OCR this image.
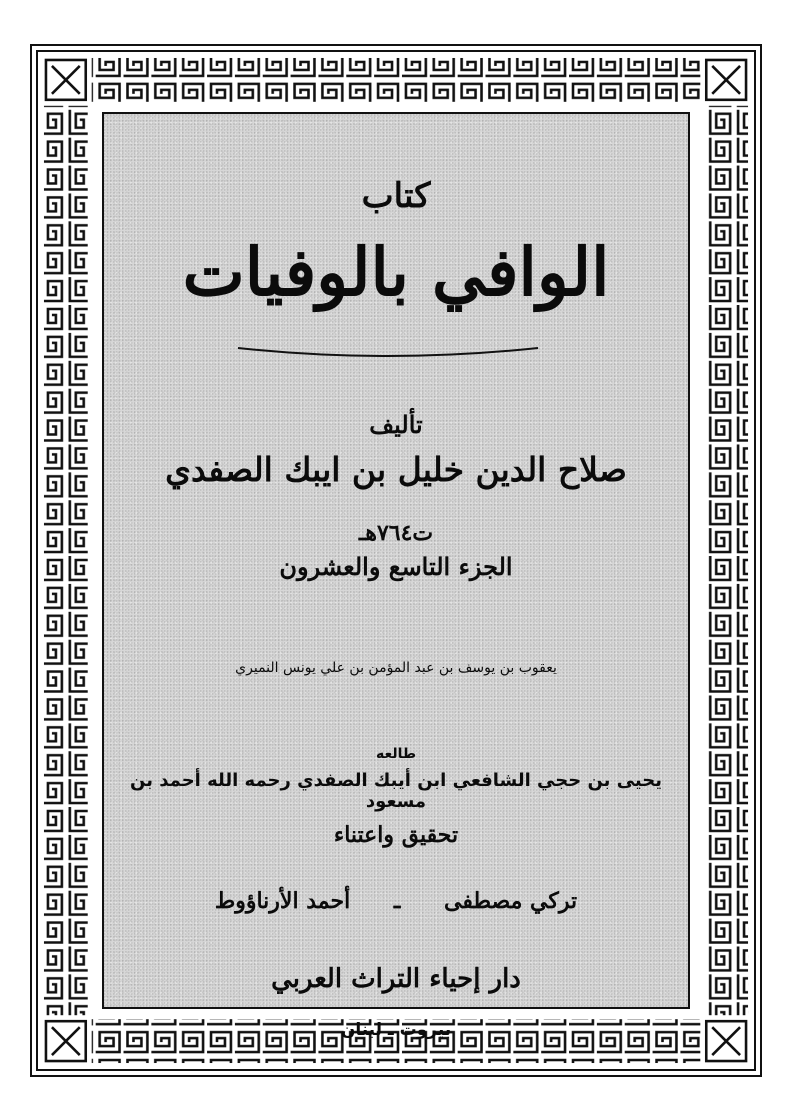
كتاب
الوافي بالوفيات
تأليف
صلاح الدين خليل بن ايبك الصفدي
ت٧٦٤هـ
الجزء التاسع والعشرون
يعقوب بن يوسف بن عبد المؤمن بن علي يونس النميري
طالعه
يحيى بن حجي الشافعي ابن أيبك الصفدي رحمه الله أحمد بن مسعود
تحقيق واعتناء
تركي مصطفى ـ أحمد الأرناؤوط
دار إحياء التراث العربي
بيروت ـ لبنان
